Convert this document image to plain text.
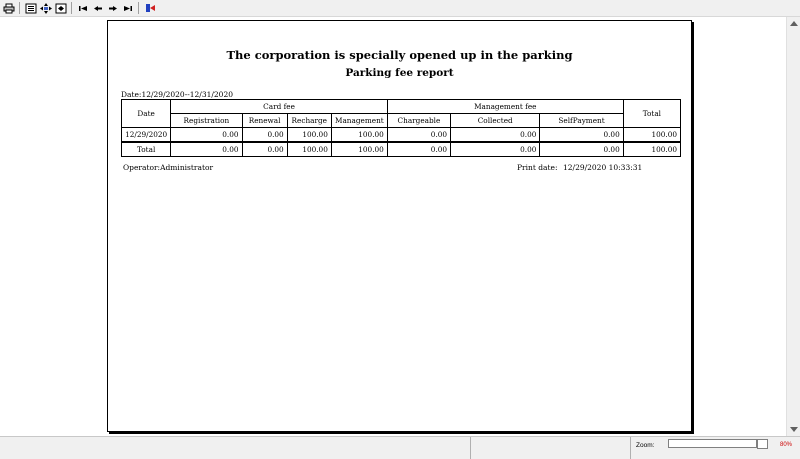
The corporation is specially opened up in the parking
Parking fee report
Date:12/29/2020--12/31/2020
Date	Card fee				Management fee			Total
	Registration	Renewal	Recharge	Management	Chargeable	Collected	SelfPayment	
12/29/2020	0.00	0.00	100.00	100.00	0.00	0.00	0.00	100.00
Total	0.00	0.00	100.00	100.00	0.00	0.00	0.00	100.00
Operator:Administrator	Print date: 12/29/2020 10:33:31
Zoom:	80%
